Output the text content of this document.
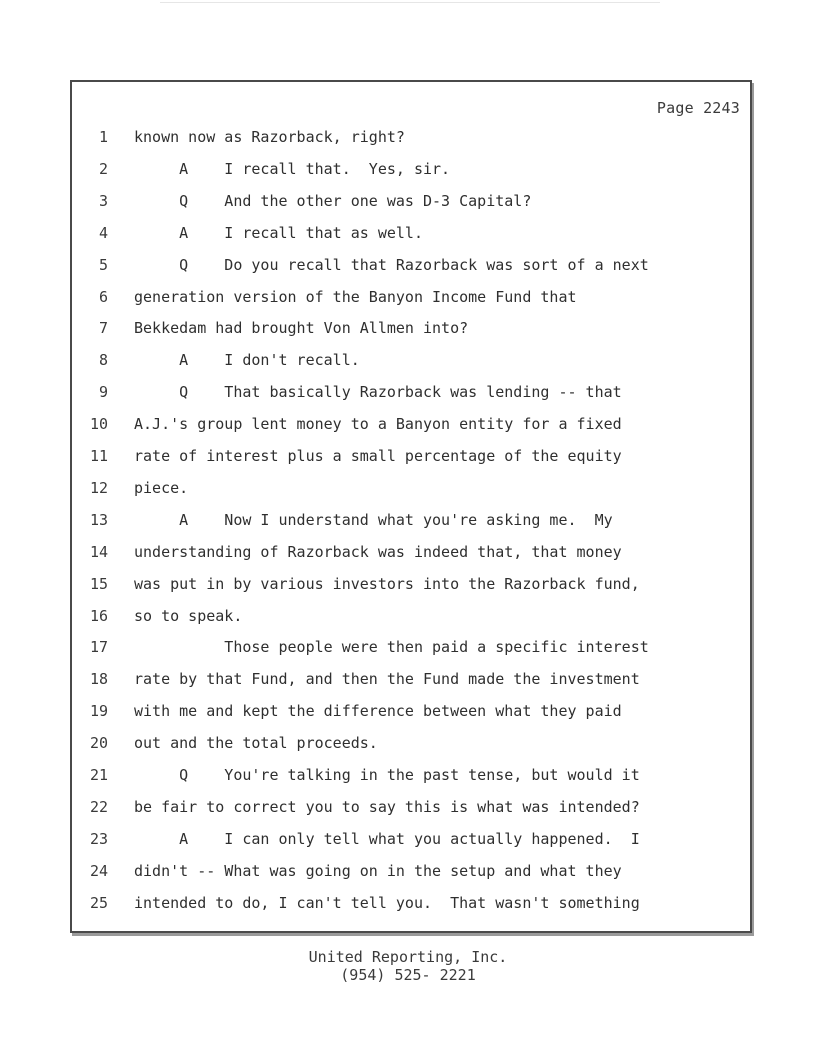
Page 2243
1 known now as Razorback, right?
2 A    I recall that.  Yes, sir.
3 Q    And the other one was D-3 Capital?
4 A    I recall that as well.
5 Q    Do you recall that Razorback was sort of a next
6 generation version of the Banyon Income Fund that
7 Bekkedam had brought Von Allmen into?
8 A    I don't recall.
9 Q    That basically Razorback was lending -- that
10 A.J.'s group lent money to a Banyon entity for a fixed
11 rate of interest plus a small percentage of the equity
12 piece.
13 A    Now I understand what you're asking me.  My
14 understanding of Razorback was indeed that, that money
15 was put in by various investors into the Razorback fund,
16 so to speak.
17 Those people were then paid a specific interest
18 rate by that Fund, and then the Fund made the investment
19 with me and kept the difference between what they paid
20 out and the total proceeds.
21 Q    You're talking in the past tense, but would it
22 be fair to correct you to say this is what was intended?
23 A    I can only tell what you actually happened.  I
24 didn't -- What was going on in the setup and what they
25 intended to do, I can't tell you.  That wasn't something
United Reporting, Inc.
(954) 525- 2221
